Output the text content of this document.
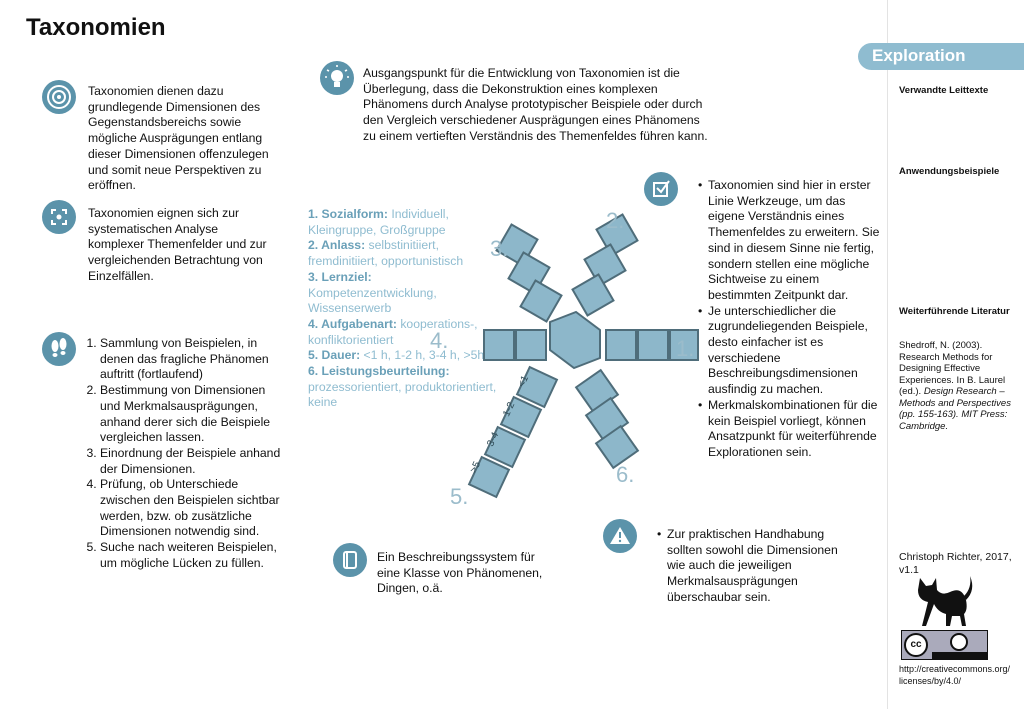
Taxonomien
Exploration
Verwandte Leittexte
Anwendungsbeispiele
Weiterführende Literatur
Shedroff, N. (2003). Research Methods for Designing Effective Experiences. In B. Laurel (ed.). Design Research – Methods and Perspectives (pp. 155-163). MIT Press: Cambridge.
Christoph Richter, 2017, v1.1
cc
http://creativecommons.org/licenses/by/4.0/
Taxonomien dienen dazu grundlegende Dimensionen des Gegenstandsbereichs sowie mögliche Ausprägungen entlang dieser Dimensionen offenzulegen und somit neue Perspektiven zu eröffnen.
Taxonomien eignen sich zur systematischen Analyse komplexer Themenfelder und zur vergleichenden Betrachtung von Einzelfällen.
1. Sammlung von Beispielen, in denen das fragliche Phänomen auftritt (fortlaufend)
2. Bestimmung von Dimensionen und Merkmalsausprägungen, anhand derer sich die Beispiele vergleichen lassen.
3. Einordnung der Beispiele anhand der Dimensionen.
4. Prüfung, ob Unterschiede zwischen den Beispielen sichtbar werden, bzw. ob zusätzliche Dimensionen notwendig sind.
5. Suche nach weiteren Beispielen, um mögliche Lücken zu füllen.
Ausgangspunkt für die Entwicklung von Taxonomien ist die Überlegung, dass die Dekonstruktion eines komplexen Phänomens durch Analyse prototypischer Beispiele oder durch den Vergleich verschiedener Ausprägungen eines Phänomens zu einem vertieften Verständnis des Themenfeldes führen kann.
1. Sozialform: Individuell, Kleingruppe, Großgruppe
2. Anlass: selbstinitiiert, fremdinitiiert, opportunistisch
3. Lernziel: Kompetenzentwicklung, Wissenserwerb
4. Aufgabenart: kooperations-, konfliktorientiert
5. Dauer: <1 h, 1-2 h, 3-4 h, >5h
6. Leistungsbeurteilung: prozessorientiert, produktorientiert, keine
2.
3.
4.	1.
6.
5.
<1
1-2
3-4
>5
• Taxonomien sind hier in erster Linie Werkzeuge, um das eigene Verständnis eines Themenfeldes zu erweitern. Sie sind in diesem Sinne nie fertig, sondern stellen eine mögliche Sichtweise zu einem bestimmten Zeitpunkt dar.
• Je unterschiedlicher die zugrundeliegenden Beispiele, desto einfacher ist es verschiedene Beschreibungsdimensionen ausfindig zu machen.
• Merkmalskombinationen für die kein Beispiel vorliegt, können Ansatzpunkt für weiterführende Explorationen sein.
Ein Beschreibungssystem für eine Klasse von Phänomenen, Dingen, o.ä.
• Zur praktischen Handhabung sollten sowohl die Dimensionen wie auch die jeweiligen Merkmalsausprägungen überschaubar sein.
